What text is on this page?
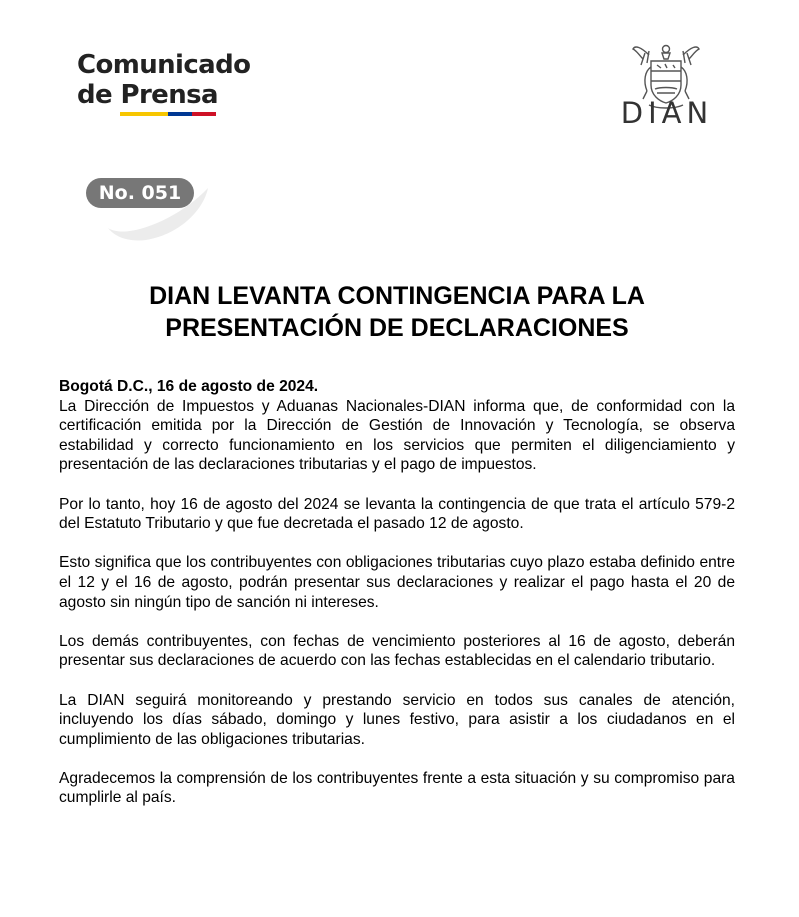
Comunicado
de Prensa
DIAN
No. 051
DIAN LEVANTA CONTINGENCIA PARA LA
PRESENTACIÓN DE DECLARACIONES
Bogotá D.C., 16 de agosto de 2024.

La Dirección de Impuestos y Aduanas Nacionales-DIAN informa que, de conformidad con la certificación emitida por la Dirección de Gestión de Innovación y Tecnología, se observa estabilidad y correcto funcionamiento en los servicios que permiten el diligenciamiento y presentación de las declaraciones tributarias y el pago de impuestos.

Por lo tanto, hoy 16 de agosto del 2024 se levanta la contingencia de que trata el artículo 579-2 del Estatuto Tributario y que fue decretada el pasado 12 de agosto.

Esto significa que los contribuyentes con obligaciones tributarias cuyo plazo estaba definido entre el 12 y el 16 de agosto, podrán presentar sus declaraciones y realizar el pago hasta el 20 de agosto sin ningún tipo de sanción ni intereses.

Los demás contribuyentes, con fechas de vencimiento posteriores al 16 de agosto, deberán presentar sus declaraciones de acuerdo con las fechas establecidas en el calendario tributario.

La DIAN seguirá monitoreando y prestando servicio en todos sus canales de atención, incluyendo los días sábado, domingo y lunes festivo, para asistir a los ciudadanos en el cumplimiento de las obligaciones tributarias.

Agradecemos la comprensión de los contribuyentes frente a esta situación y su compromiso para cumplirle al país.
